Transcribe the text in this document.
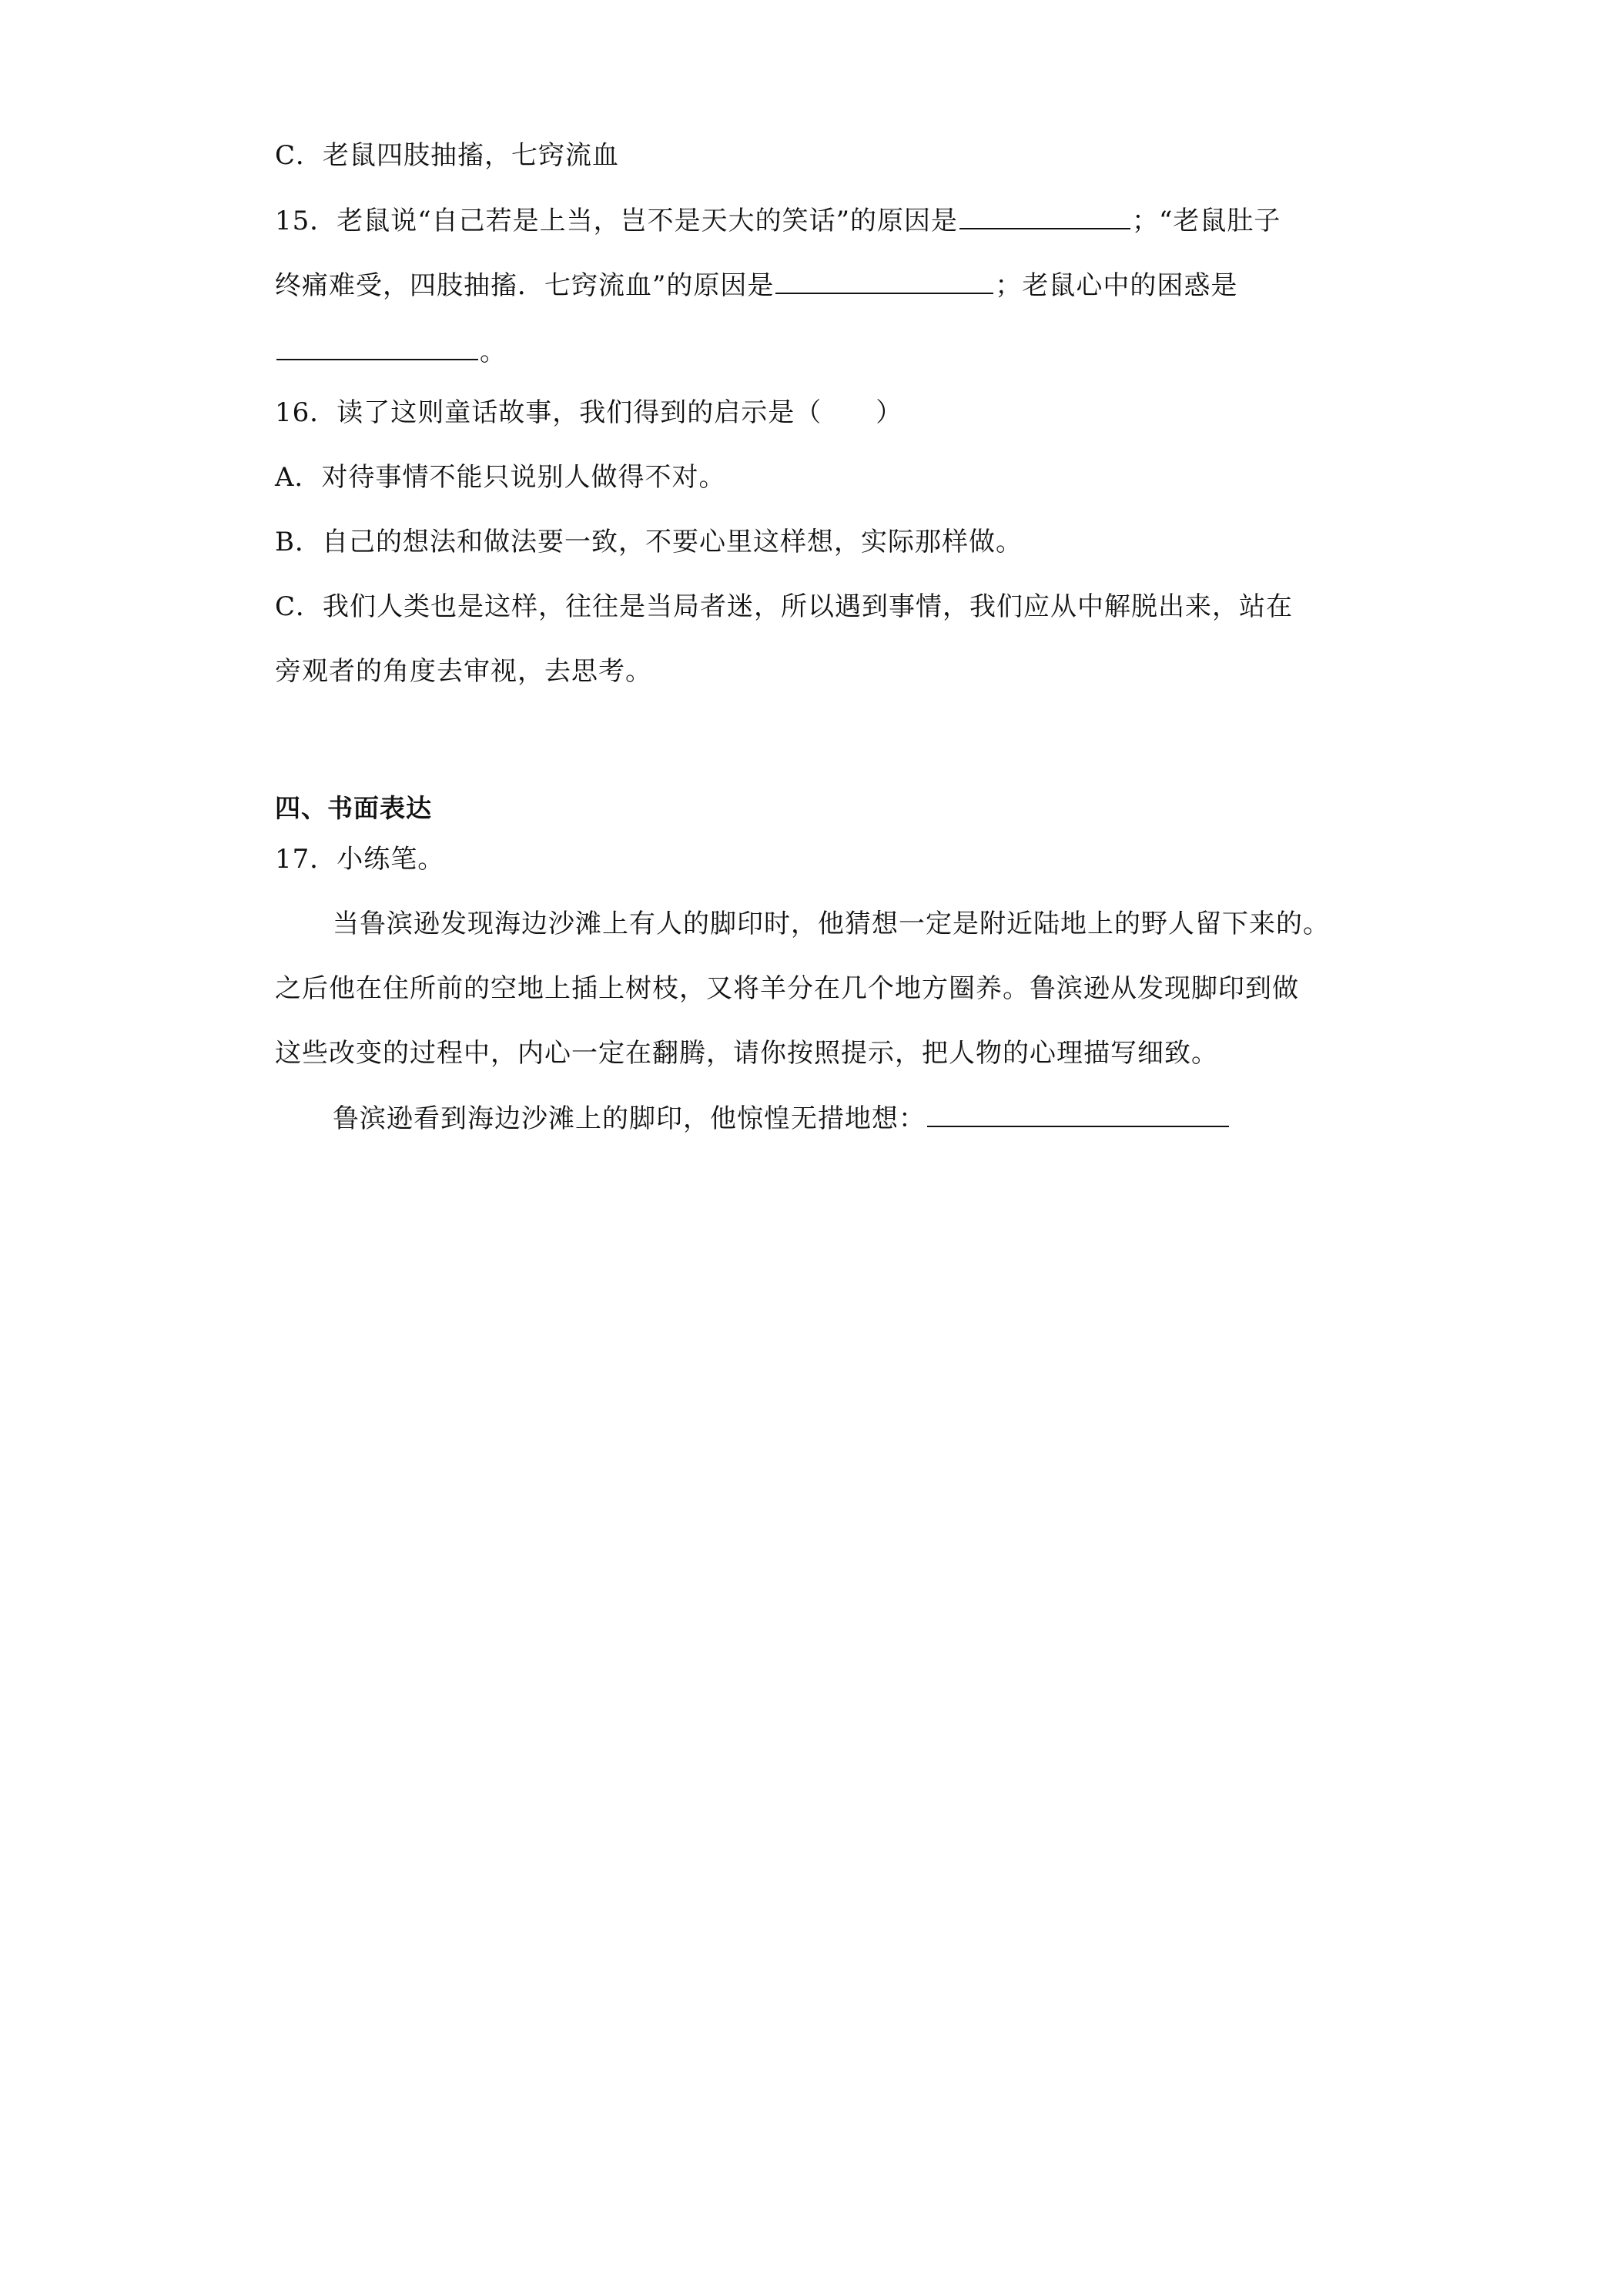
C．老鼠四肢抽搐，七窍流血
15．老鼠说“自己若是上当，岂不是天大的笑话”的原因是	；“老鼠肚子
终痛难受，四肢抽搐．七窍流血”的原因是	；老鼠心中的困惑是
。
16．读了这则童话故事，我们得到的启示是（　　）
A．对待事情不能只说别人做得不对。
B．自己的想法和做法要一致，不要心里这样想，实际那样做。
C．我们人类也是这样，往往是当局者迷，所以遇到事情，我们应从中解脱出来，站在
旁观者的角度去审视，去思考。
四、书面表达
17．小练笔。
当鲁滨逊发现海边沙滩上有人的脚印时，他猜想一定是附近陆地上的野人留下来的。
之后他在住所前的空地上插上树枝，又将羊分在几个地方圈养。鲁滨逊从发现脚印到做
这些改变的过程中，内心一定在翻腾，请你按照提示，把人物的心理描写细致。
鲁滨逊看到海边沙滩上的脚印，他惊惶无措地想：
